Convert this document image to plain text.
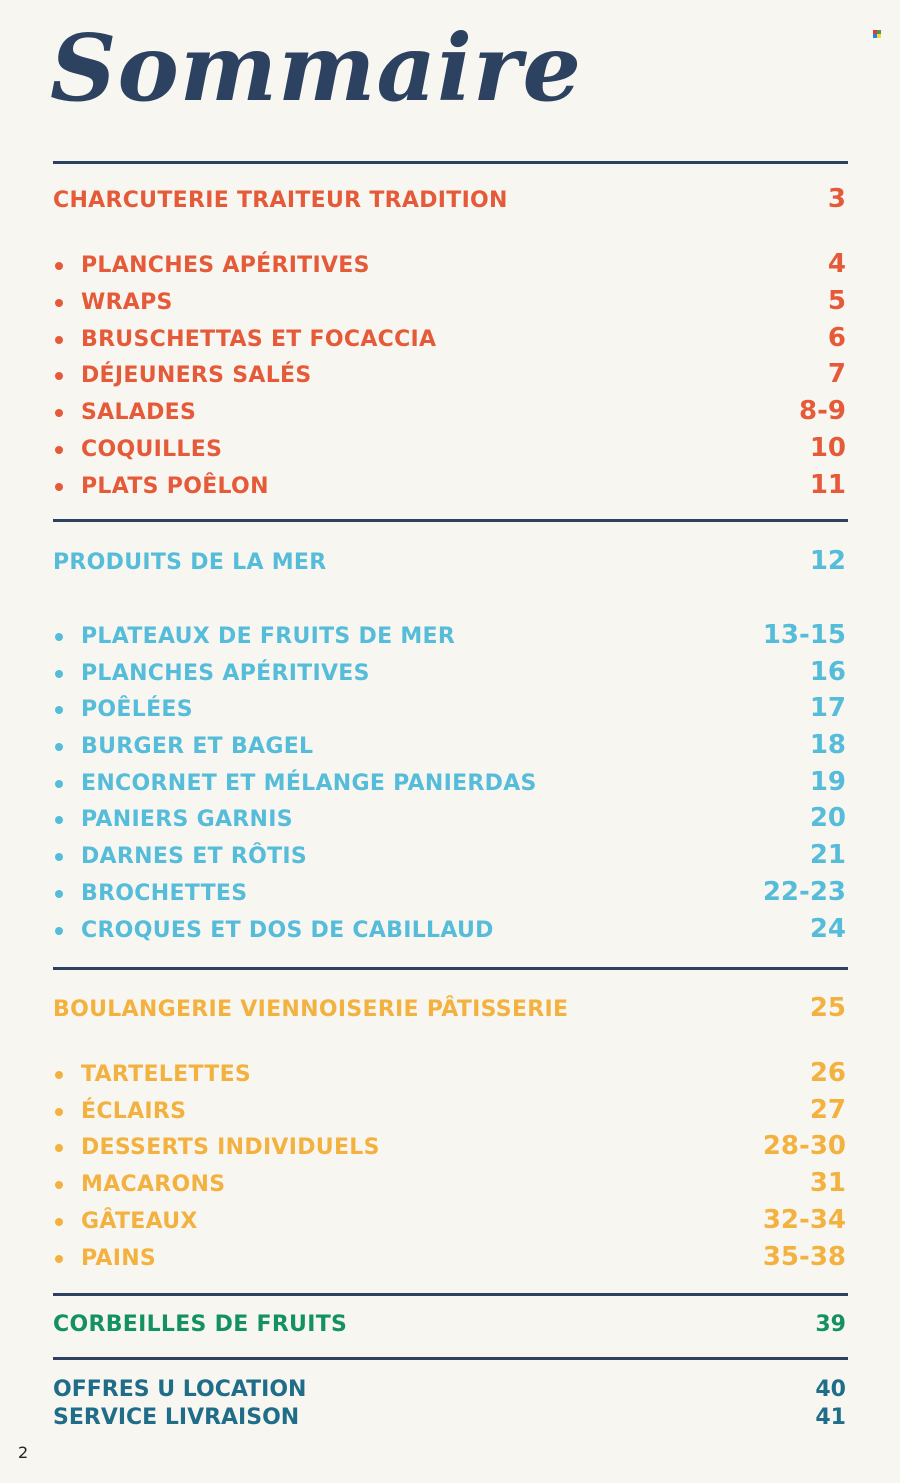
Sommaire
CHARCUTERIE TRAITEUR TRADITION	3
PLANCHES APÉRITIVES	4
WRAPS	5
BRUSCHETTAS ET FOCACCIA	6
DÉJEUNERS SALÉS	7
SALADES	8-9
COQUILLES	10
PLATS POÊLON	11
PRODUITS DE LA MER	12
PLATEAUX DE FRUITS DE MER	13-15
PLANCHES APÉRITIVES	16
POÊLÉES	17
BURGER ET BAGEL	18
ENCORNET ET MÉLANGE PANIERDAS	19
PANIERS GARNIS	20
DARNES ET RÔTIS	21
BROCHETTES	22-23
CROQUES ET DOS DE CABILLAUD	24
BOULANGERIE VIENNOISERIE PÂTISSERIE	25
TARTELETTES	26
ÉCLAIRS	27
DESSERTS INDIVIDUELS	28-30
MACARONS	31
GÂTEAUX	32-34
PAINS	35-38
CORBEILLES DE FRUITS	39
OFFRES U LOCATION	40
SERVICE LIVRAISON	41
2
